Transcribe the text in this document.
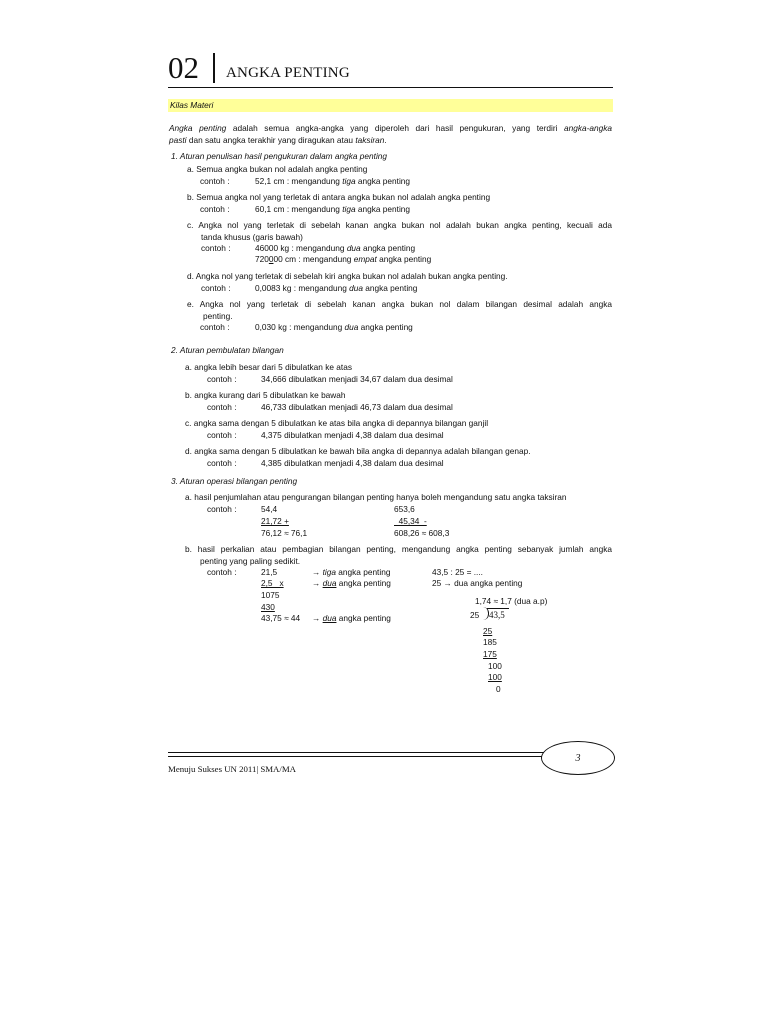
02 ANGKA PENTING
Kilas Materi
Angka penting adalah semua angka-angka yang diperoleh dari hasil pengukuran, yang terdiri angka-angka
pasti dan satu angka terakhir yang diragukan atau taksiran.
1. Aturan penulisan hasil pengukuran dalam angka penting
a. Semua angka bukan nol adalah angka penting
contoh :	52,1 cm : mengandung tiga angka penting
b. Semua angka nol yang terletak di antara angka bukan nol adalah angka penting
contoh :	60,1 cm : mengandung tiga angka penting
c. Angka nol yang terletak di sebelah kanan angka bukan nol adalah bukan angka penting, kecuali ada
tanda khusus (garis bawah)
contoh :	46000 kg : mengandung dua angka penting
720000 cm : mengandung empat angka penting
d. Angka nol yang terletak di sebelah kiri angka bukan nol adalah bukan angka penting.
contoh :	0,0083 kg : mengandung dua angka penting
e. Angka nol yang terletak di sebelah kanan angka bukan nol dalam bilangan desimal adalah angka
penting.
contoh :	0,030 kg : mengandung dua angka penting
2. Aturan pembulatan bilangan
a. angka lebih besar dari 5 dibulatkan ke atas
contoh :	34,666 dibulatkan menjadi 34,67 dalam dua desimal
b. angka kurang dari 5 dibulatkan ke bawah
contoh :	46,733 dibulatkan menjadi 46,73 dalam dua desimal
c. angka sama dengan 5 dibulatkan ke atas bila angka di depannya bilangan ganjil
contoh :	4,375 dibulatkan menjadi 4,38 dalam dua desimal
d. angka sama dengan 5 dibulatkan ke bawah bila angka di depannya adalah bilangan genap.
contoh :	4,385 dibulatkan menjadi 4,38 dalam dua desimal
3. Aturan operasi bilangan penting
a. hasil penjumlahan atau pengurangan bilangan penting hanya boleh mengandung satu angka taksiran
contoh :	54,4
21,72 +
76,12 ≈ 76,1
653,6
45,34  -
608,26 ≈ 608,3
b. hasil perkalian atau pembagian bilangan penting, mengandung angka penting sebanyak jumlah angka
penting yang paling sedikit.
contoh :	21,5	→ tiga angka penting
2,5   x	→ dua angka penting
1075
430
43,75 ≈ 44 → dua angka penting
43,5 : 25 = ....
25 → dua angka penting
1,74 ≈ 1,7 (dua a.p)
25 43,5
25
185
175
100
100
0
3
Menuju Sukses UN 2011| SMA/MA
